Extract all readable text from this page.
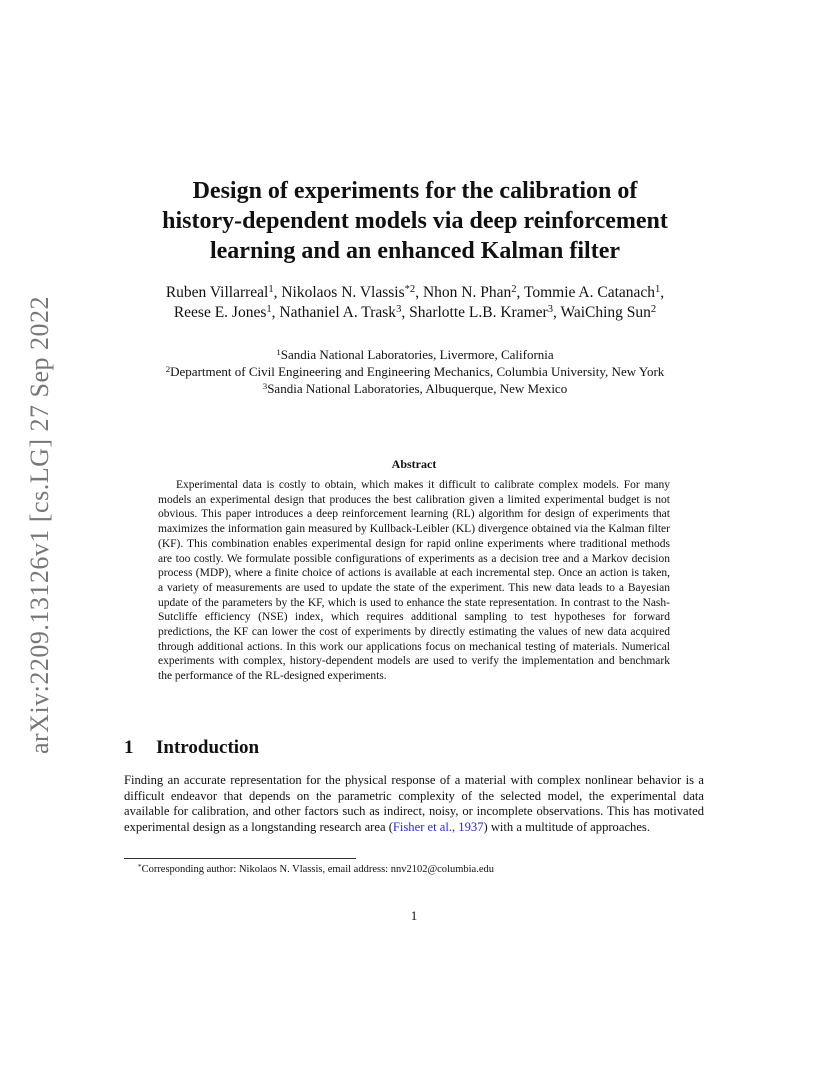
arXiv:2209.13126v1 [cs.LG] 27 Sep 2022
Design of experiments for the calibration of
history-dependent models via deep reinforcement
learning and an enhanced Kalman filter
Ruben Villarreal$^1$, Nikolaos N. Vlassis$^{*2}$, Nhon N. Phan$^2$, Tommie A. Catanach$^1$,
Reese E. Jones$^1$, Nathaniel A. Trask$^3$, Sharlotte L.B. Kramer$^3$, WaiChing Sun$^2$
$^1$Sandia National Laboratories, Livermore, California
$^2$Department of Civil Engineering and Engineering Mechanics, Columbia University, New York
$^3$Sandia National Laboratories, Albuquerque, New Mexico
Abstract
Experimental data is costly to obtain, which makes it difficult to calibrate complex models. For many models an experimental design that produces the best calibration given a limited experimental budget is not obvious. This paper introduces a deep reinforcement learning (RL) algorithm for design of experiments that maximizes the information gain measured by Kullback-Leibler (KL) divergence obtained via the Kalman filter (KF). This combination enables experimental design for rapid online experiments where traditional methods are too costly. We formulate possible configurations of experiments as a decision tree and a Markov decision process (MDP), where a finite choice of actions is available at each incremental step. Once an action is taken, a variety of measurements are used to update the state of the experiment. This new data leads to a Bayesian update of the parameters by the KF, which is used to enhance the state representation. In contrast to the Nash-Sutcliffe efficiency (NSE) index, which requires additional sampling to test hypotheses for forward predictions, the KF can lower the cost of experiments by directly estimating the values of new data acquired through additional actions. In this work our applications focus on mechanical testing of materials. Numerical experiments with complex, history-dependent models are used to verify the implementation and benchmark the performance of the RL-designed experiments.
1 Introduction
Finding an accurate representation for the physical response of a material with complex nonlinear behavior is a difficult endeavor that depends on the parametric complexity of the selected model, the experimental data available for calibration, and other factors such as indirect, noisy, or incomplete observations. This has motivated experimental design as a longstanding research area (Fisher et al., 1937) with a multitude of approaches.
*Corresponding author: Nikolaos N. Vlassis, email address: nnv2102@columbia.edu
1
